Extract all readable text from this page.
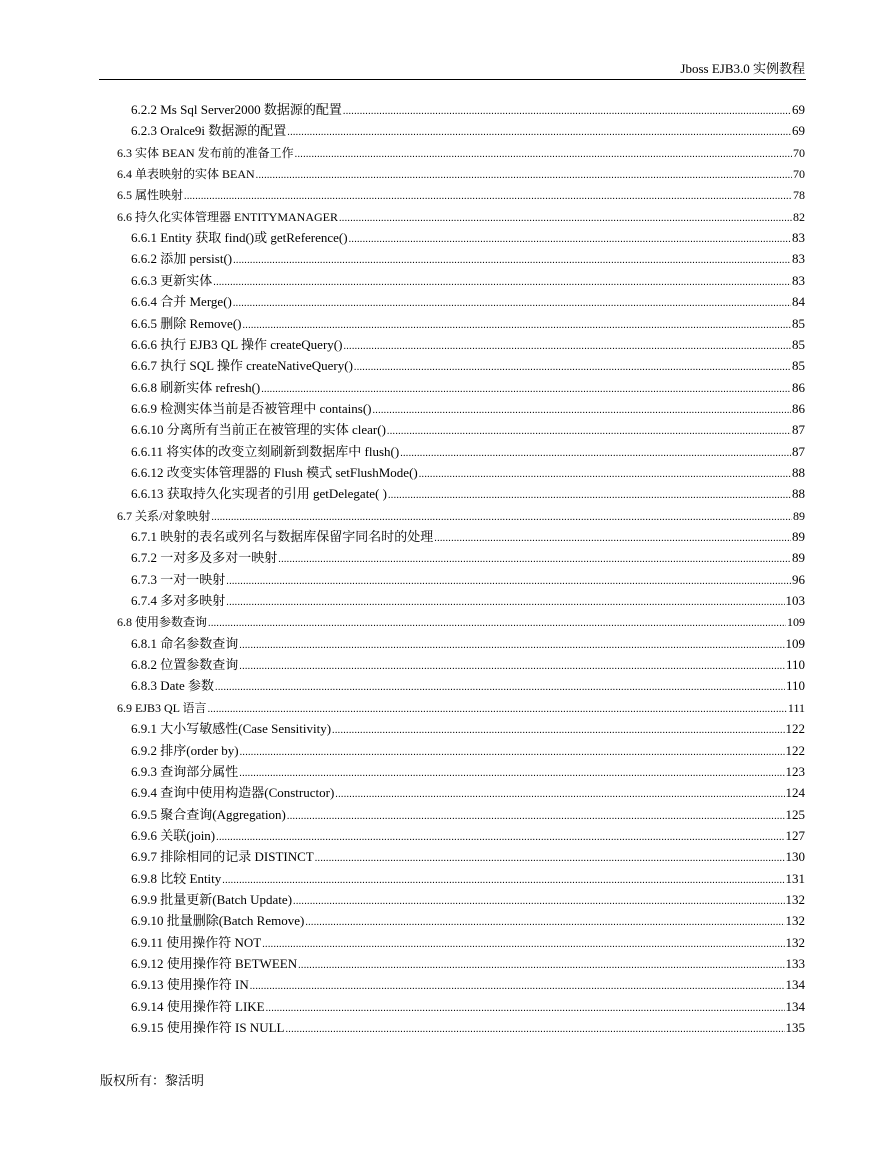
Jboss EJB3.0 实例教程
6.2.2 Ms Sql Server2000 数据源的配置 .....	69
6.2.3 Oralce9i 数据源的配置 .....	69
6.3 实体 BEAN 发布前的准备工作 .....	70
6.4 单表映射的实体 BEAN .....	70
6.5 属性映射 .....	78
6.6 持久化实体管理器 ENTITYMANAGER .....	82
6.6.1 Entity 获取 find()或 getReference() .....	83
6.6.2 添加 persist() .....	83
6.6.3 更新实体 .....	83
6.6.4 合并 Merge() .....	84
6.6.5 删除 Remove() .....	85
6.6.6 执行 EJB3 QL 操作 createQuery() .....	85
6.6.7 执行 SQL 操作 createNativeQuery() .....	85
6.6.8 刷新实体 refresh() .....	86
6.6.9 检测实体当前是否被管理中 contains() .....	86
6.6.10 分离所有当前正在被管理的实体 clear() .....	87
6.6.11 将实体的改变立刻刷新到数据库中 flush() .....	87
6.6.12 改变实体管理器的 Flush 模式 setFlushMode() .....	88
6.6.13 获取持久化实现者的引用 getDelegate( ) .....	88
6.7 关系/对象映射 .....	89
6.7.1 映射的表名或列名与数据库保留字同名时的处理 .....	89
6.7.2 一对多及多对一映射 .....	89
6.7.3 一对一映射 .....	96
6.7.4 多对多映射 .....	103
6.8 使用参数查询 .....	109
6.8.1 命名参数查询 .....	109
6.8.2 位置参数查询 .....	110
6.8.3 Date 参数 .....	110
6.9 EJB3 QL 语言 .....	111
6.9.1 大小写敏感性(Case Sensitivity) .....	122
6.9.2 排序(order by) .....	122
6.9.3 查询部分属性 .....	123
6.9.4 查询中使用构造器(Constructor) .....	124
6.9.5 聚合查询(Aggregation) .....	125
6.9.6 关联(join) .....	127
6.9.7 排除相同的记录 DISTINCT .....	130
6.9.8 比较 Entity .....	131
6.9.9 批量更新(Batch Update) .....	132
6.9.10 批量删除(Batch Remove) .....	132
6.9.11 使用操作符 NOT .....	132
6.9.12 使用操作符 BETWEEN .....	133
6.9.13 使用操作符 IN .....	134
6.9.14 使用操作符 LIKE .....	134
6.9.15 使用操作符 IS NULL .....	135
版权所有：黎活明
